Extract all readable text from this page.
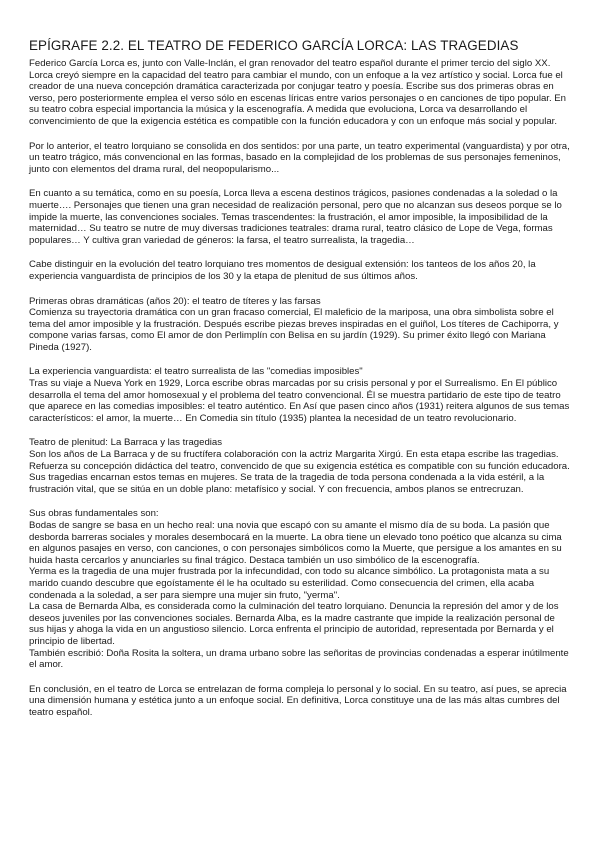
EPÍGRAFE 2.2. EL TEATRO DE FEDERICO GARCÍA LORCA: LAS TRAGEDIAS

Federico García Lorca es, junto con Valle-Inclán, el gran renovador del teatro español durante el primer tercio del siglo XX. Lorca creyó siempre en la capacidad del teatro para cambiar el mundo, con un enfoque a la vez artístico y social. Lorca fue el creador de una nueva concepción dramática caracterizada por conjugar teatro y poesía. Escribe sus dos primeras obras en verso, pero posteriormente emplea el verso sólo en escenas líricas entre varios personajes o en canciones de tipo popular. En su teatro cobra especial importancia la música y la escenografía. A medida que evoluciona, Lorca va desarrollando el convencimiento de que la exigencia estética es compatible con la función educadora y con un enfoque más social y popular.

Por lo anterior, el teatro lorquiano se consolida en dos sentidos: por una parte, un teatro experimental (vanguardista) y por otra, un teatro trágico, más convencional en las formas, basado en la complejidad de los problemas de sus personajes femeninos, junto con elementos del drama rural, del neopopularismo...

En cuanto a su temática, como en su poesía, Lorca lleva a escena destinos trágicos, pasiones condenadas a la soledad o la muerte…. Personajes que tienen una gran necesidad de realización personal, pero que no alcanzan sus deseos porque se lo impide la muerte, las convenciones sociales. Temas trascendentes: la frustración, el amor imposible, la imposibilidad de la maternidad… Su teatro se nutre de muy diversas tradiciones teatrales: drama rural, teatro clásico de Lope de Vega, formas populares… Y cultiva gran variedad de géneros: la farsa, el teatro surrealista, la tragedia…

Cabe distinguir en la evolución del teatro lorquiano tres momentos de desigual extensión: los tanteos de los años 20, la experiencia vanguardista de principios de los 30 y la etapa de plenitud de sus últimos años.

Primeras obras dramáticas (años 20): el teatro de títeres y las farsas
Comienza su trayectoria dramática con un gran fracaso comercial, El maleficio de la mariposa, una obra simbolista sobre el tema del amor imposible y la frustración. Después escribe piezas breves inspiradas en el guiñol, Los títeres de Cachiporra, y compone varias farsas, como El amor de don Perlimplín con Belisa en su jardín (1929). Su primer éxito llegó con Mariana Pineda (1927).
La experiencia vanguardista: el teatro surrealista de las "comedias imposibles"
Tras su viaje a Nueva York en 1929, Lorca escribe obras marcadas por su crisis personal y por el Surrealismo. En El público desarrolla el tema del amor homosexual y el problema del teatro convencional. Él se muestra partidario de este tipo de teatro que aparece en las comedias imposibles: el teatro auténtico. En Así que pasen cinco años (1931) reitera algunos de sus temas característicos: el amor, la muerte… En Comedia sin título (1935) plantea la necesidad de un teatro revolucionario.
Teatro de plenitud: La Barraca y las tragedias
Son los años de La Barraca y de su fructífera colaboración con la actriz Margarita Xirgú. En esta etapa escribe las tragedias. Refuerza su concepción didáctica del teatro, convencido de que su exigencia estética es compatible con su función educadora. Sus tragedias encarnan estos temas en mujeres. Se trata de la tragedia de toda persona condenada a la vida estéril, a la frustración vital, que se sitúa en un doble plano: metafísico y social. Y con frecuencia, ambos planos se entrecruzan.
Sus obras fundamentales son:
Bodas de sangre se basa en un hecho real: una novia que escapó con su amante el mismo día de su boda. La pasión que desborda barreras sociales y morales desembocará en la muerte. La obra tiene un elevado tono poético que alcanza su cima en algunos pasajes en verso, con canciones, o con personajes simbólicos como la Muerte, que persigue a los amantes en su huida hasta cercarlos y anunciarles su final trágico. Destaca también un uso simbólico de la escenografía.
Yerma es la tragedia de una mujer frustrada por la infecundidad, con todo su alcance simbólico. La protagonista mata a su marido cuando descubre que egoístamente él le ha ocultado su esterilidad. Como consecuencia del crimen, ella acaba condenada a la soledad, a ser para siempre una mujer sin fruto, "yerma".
La casa de Bernarda Alba, es considerada como la culminación del teatro lorquiano. Denuncia la represión del amor y de los deseos juveniles por las convenciones sociales. Bernarda Alba, es la madre castrante que impide la realización personal de sus hijas y ahoga la vida en un angustioso silencio. Lorca enfrenta el principio de autoridad, representada por Bernarda y el principio de libertad.
También escribió: Doña Rosita la soltera, un drama urbano sobre las señoritas de provincias condenadas a esperar inútilmente el amor.

En conclusión, en el teatro de Lorca se entrelazan de forma compleja lo personal y lo social. En su teatro, así pues, se aprecia una dimensión humana y estética junto a un enfoque social. En definitiva, Lorca constituye una de las más altas cumbres del teatro español.
